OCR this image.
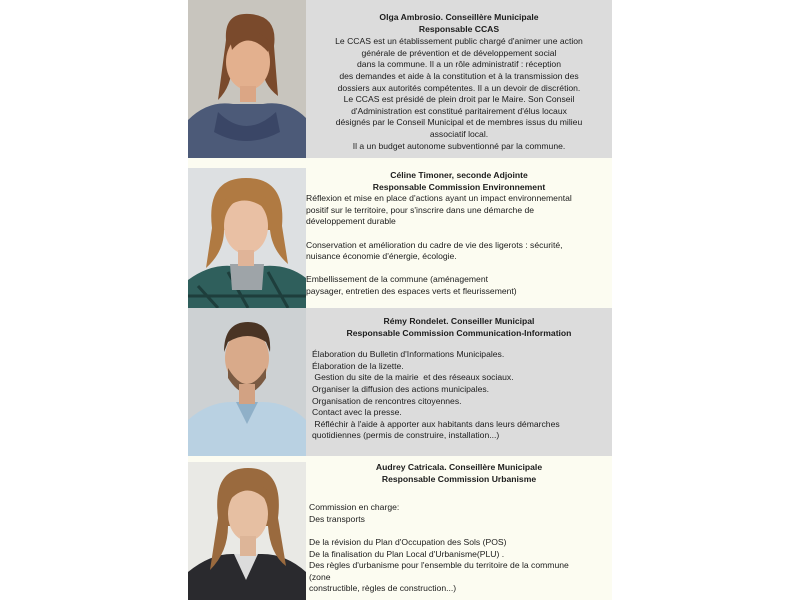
Olga Ambrosio. Conseillère Municipale
Responsable CCAS
Le CCAS est un établissement public chargé d'animer une action
générale de prévention et de développement social
dans la commune. Il a un rôle administratif : réception
des demandes et aide à la constitution et à la transmission des
dossiers aux autorités compétentes. Il a un devoir de discrétion.
Le CCAS est présidé de plein droit par le Maire. Son Conseil
d'Administration est constitué paritairement d'élus locaux
désignés par le Conseil Municipal et de membres issus du milieu
associatif local.
Il a un budget autonome subventionné par la commune.
Céline Timoner, seconde Adjointe
Responsable Commission Environnement
Réflexion et mise en place d'actions ayant un impact environnemental
positif sur le territoire, pour s'inscrire dans une démarche de
développement durable
Conservation et amélioration du cadre de vie des ligerots : sécurité,
nuisance économie d'énergie, écologie.
Embellissement de la commune (aménagement
paysager, entretien des espaces verts et fleurissement)
Rémy Rondelet. Conseiller Municipal
Responsable Commission Communication-Information
Élaboration du Bulletin d'Informations Municipales.
Élaboration de la lizette.
Gestion du site de la mairie  et des réseaux sociaux.
Organiser la diffusion des actions municipales.
Organisation de rencontres citoyennes.
Contact avec la presse.
Réfléchir à l'aide à apporter aux habitants dans leurs démarches
quotidiennes (permis de construire, installation...)
Audrey Catricala. Conseillère Municipale
Responsable Commission Urbanisme
Commission en charge:
Des transports
De la révision du Plan d'Occupation des Sols (POS)
De la finalisation du Plan Local d'Urbanisme(PLU) .
Des règles d'urbanisme pour l'ensemble du territoire de la commune
(zone
constructible, règles de construction...)
